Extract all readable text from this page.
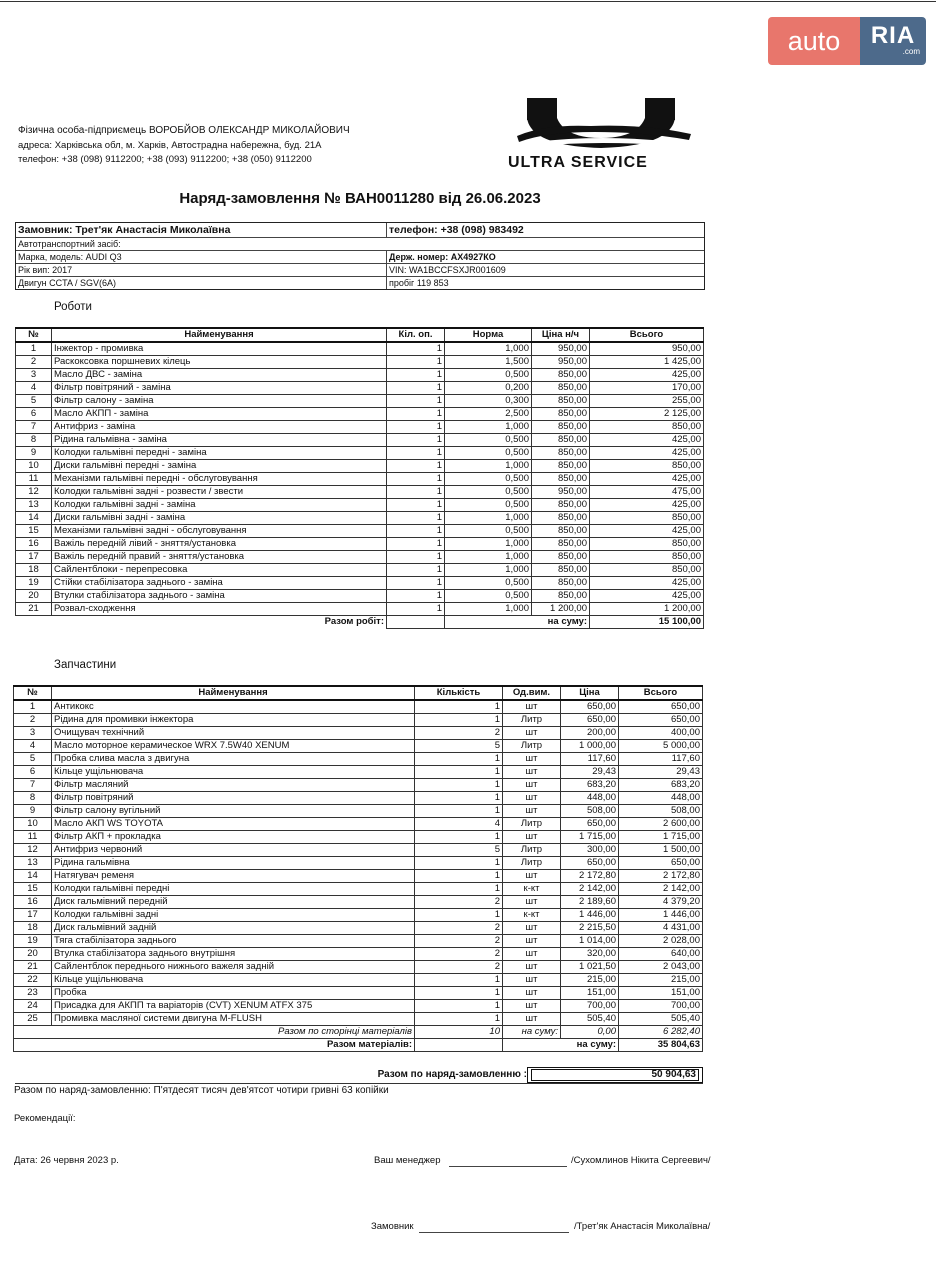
auto	RIA
.com
Фізична особа-підприємець ВОРОБЙОВ ОЛЕКСАНДР МИКОЛАЙОВИЧ
адреса: Харківська обл, м. Харків, Автострадна набережна, буд. 21А
телефон: +38 (098) 9112200; +38 (093) 9112200; +38 (050) 9112200	ULTRA SERVICE
Наряд-замовлення № ВАН0011280 від 26.06.2023
Замовник: Трет'як Анастасія Миколаївна	телефон: +38 (098) 983492
Автотранспортний засіб:
Марка, модель: AUDI Q3	Держ. номер: АХ4927КО
Рік вип: 2017	VIN: WA1BCCFSXJR001609
Двигун CCTA / SGV(6A)	пробіг 119 853
Роботи
№	Найменування	Кіл. оп.	Норма	Ціна н/ч	Всього
1	Інжектор - промивка	1	1,000	950,00	950,00
2	Раскоксовка поршневих кілець	1	1,500	950,00	1 425,00
3	Масло ДВС - заміна	1	0,500	850,00	425,00
4	Фільтр повітряний - заміна	1	0,200	850,00	170,00
5	Фільтр салону - заміна	1	0,300	850,00	255,00
6	Масло АКПП - заміна	1	2,500	850,00	2 125,00
7	Антифриз - заміна	1	1,000	850,00	850,00
8	Рідина гальмівна - заміна	1	0,500	850,00	425,00
9	Колодки гальмівні передні - заміна	1	0,500	850,00	425,00
10	Диски гальмівні передні - заміна	1	1,000	850,00	850,00
11	Механізми гальмівні передні - обслуговування	1	0,500	850,00	425,00
12	Колодки гальмівні задні - розвести / звести	1	0,500	950,00	475,00
13	Колодки гальмівні задні - заміна	1	0,500	850,00	425,00
14	Диски гальмівні задні - заміна	1	1,000	850,00	850,00
15	Механізми гальмівні задні - обслуговування	1	0,500	850,00	425,00
16	Важіль передній лівий - зняття/установка	1	1,000	850,00	850,00
17	Важіль передній правий - зняття/установка	1	1,000	850,00	850,00
18	Сайлентблоки - перепресовка	1	1,000	850,00	850,00
19	Стійки стабілізатора заднього - заміна	1	0,500	850,00	425,00
20	Втулки стабілізатора заднього - заміна	1	0,500	850,00	425,00
21	Розвал-сходження	1	1,000	1 200,00	1 200,00
	Разом робіт:		на суму:		15 100,00
Запчастини
№	Найменування	Кількість	Од.вим.	Ціна	Всього
1	Антикокс	1	шт	650,00	650,00
2	Рідина для промивки інжектора	1	Литр	650,00	650,00
3	Очищувач технічний	2	шт	200,00	400,00
4	Масло моторное керамическое WRX 7.5W40 XENUM	5	Литр	1 000,00	5 000,00
5	Пробка слива масла з двигуна	1	шт	117,60	117,60
6	Кільце ущільнювача	1	шт	29,43	29,43
7	Фільтр масляний	1	шт	683,20	683,20
8	Фільтр повітряний	1	шт	448,00	448,00
9	Фільтр салону вугільний	1	шт	508,00	508,00
10	Масло АКП WS TOYOTA	4	Литр	650,00	2 600,00
11	Фільтр АКП + прокладка	1	шт	1 715,00	1 715,00
12	Антифриз червоний	5	Литр	300,00	1 500,00
13	Рідина гальмівна	1	Литр	650,00	650,00
14	Натягувач ременя	1	шт	2 172,80	2 172,80
15	Колодки гальмівні передні	1	к-кт	2 142,00	2 142,00
16	Диск гальмівний передній	2	шт	2 189,60	4 379,20
17	Колодки гальмівні задні	1	к-кт	1 446,00	1 446,00
18	Диск гальмівний задній	2	шт	2 215,50	4 431,00
19	Тяга стабілізатора заднього	2	шт	1 014,00	2 028,00
20	Втулка стабілізатора заднього внутрішня	2	шт	320,00	640,00
21	Сайлентблок переднього нижнього важеля задній	2	шт	1 021,50	2 043,00
22	Кільце ущільнювача	1	шт	215,00	215,00
23	Пробка	1	шт	151,00	151,00
24	Присадка для АКПП та варіаторів (CVT) XENUM ATFX 375	1	шт	700,00	700,00
25	Промивка масляної системи двигуна M-FLUSH	1	шт	505,40	505,40
Разом по сторінці матеріалів		10	на суму:	0,00	6 282,40
Разом матеріалів:			на суму:		35 804,63
Разом по наряд-замовленню :	50 904,63
Разом по наряд-замовленню: П'ятдесят тисяч дев'ятсот чотири гривні 63 копійки
Рекомендації:
Дата: 26 червня 2023 р.	Ваш менеджер	/Сухомлинов Нікита Сергеевич/
Замовник	/Трет'як Анастасія Миколаївна/
